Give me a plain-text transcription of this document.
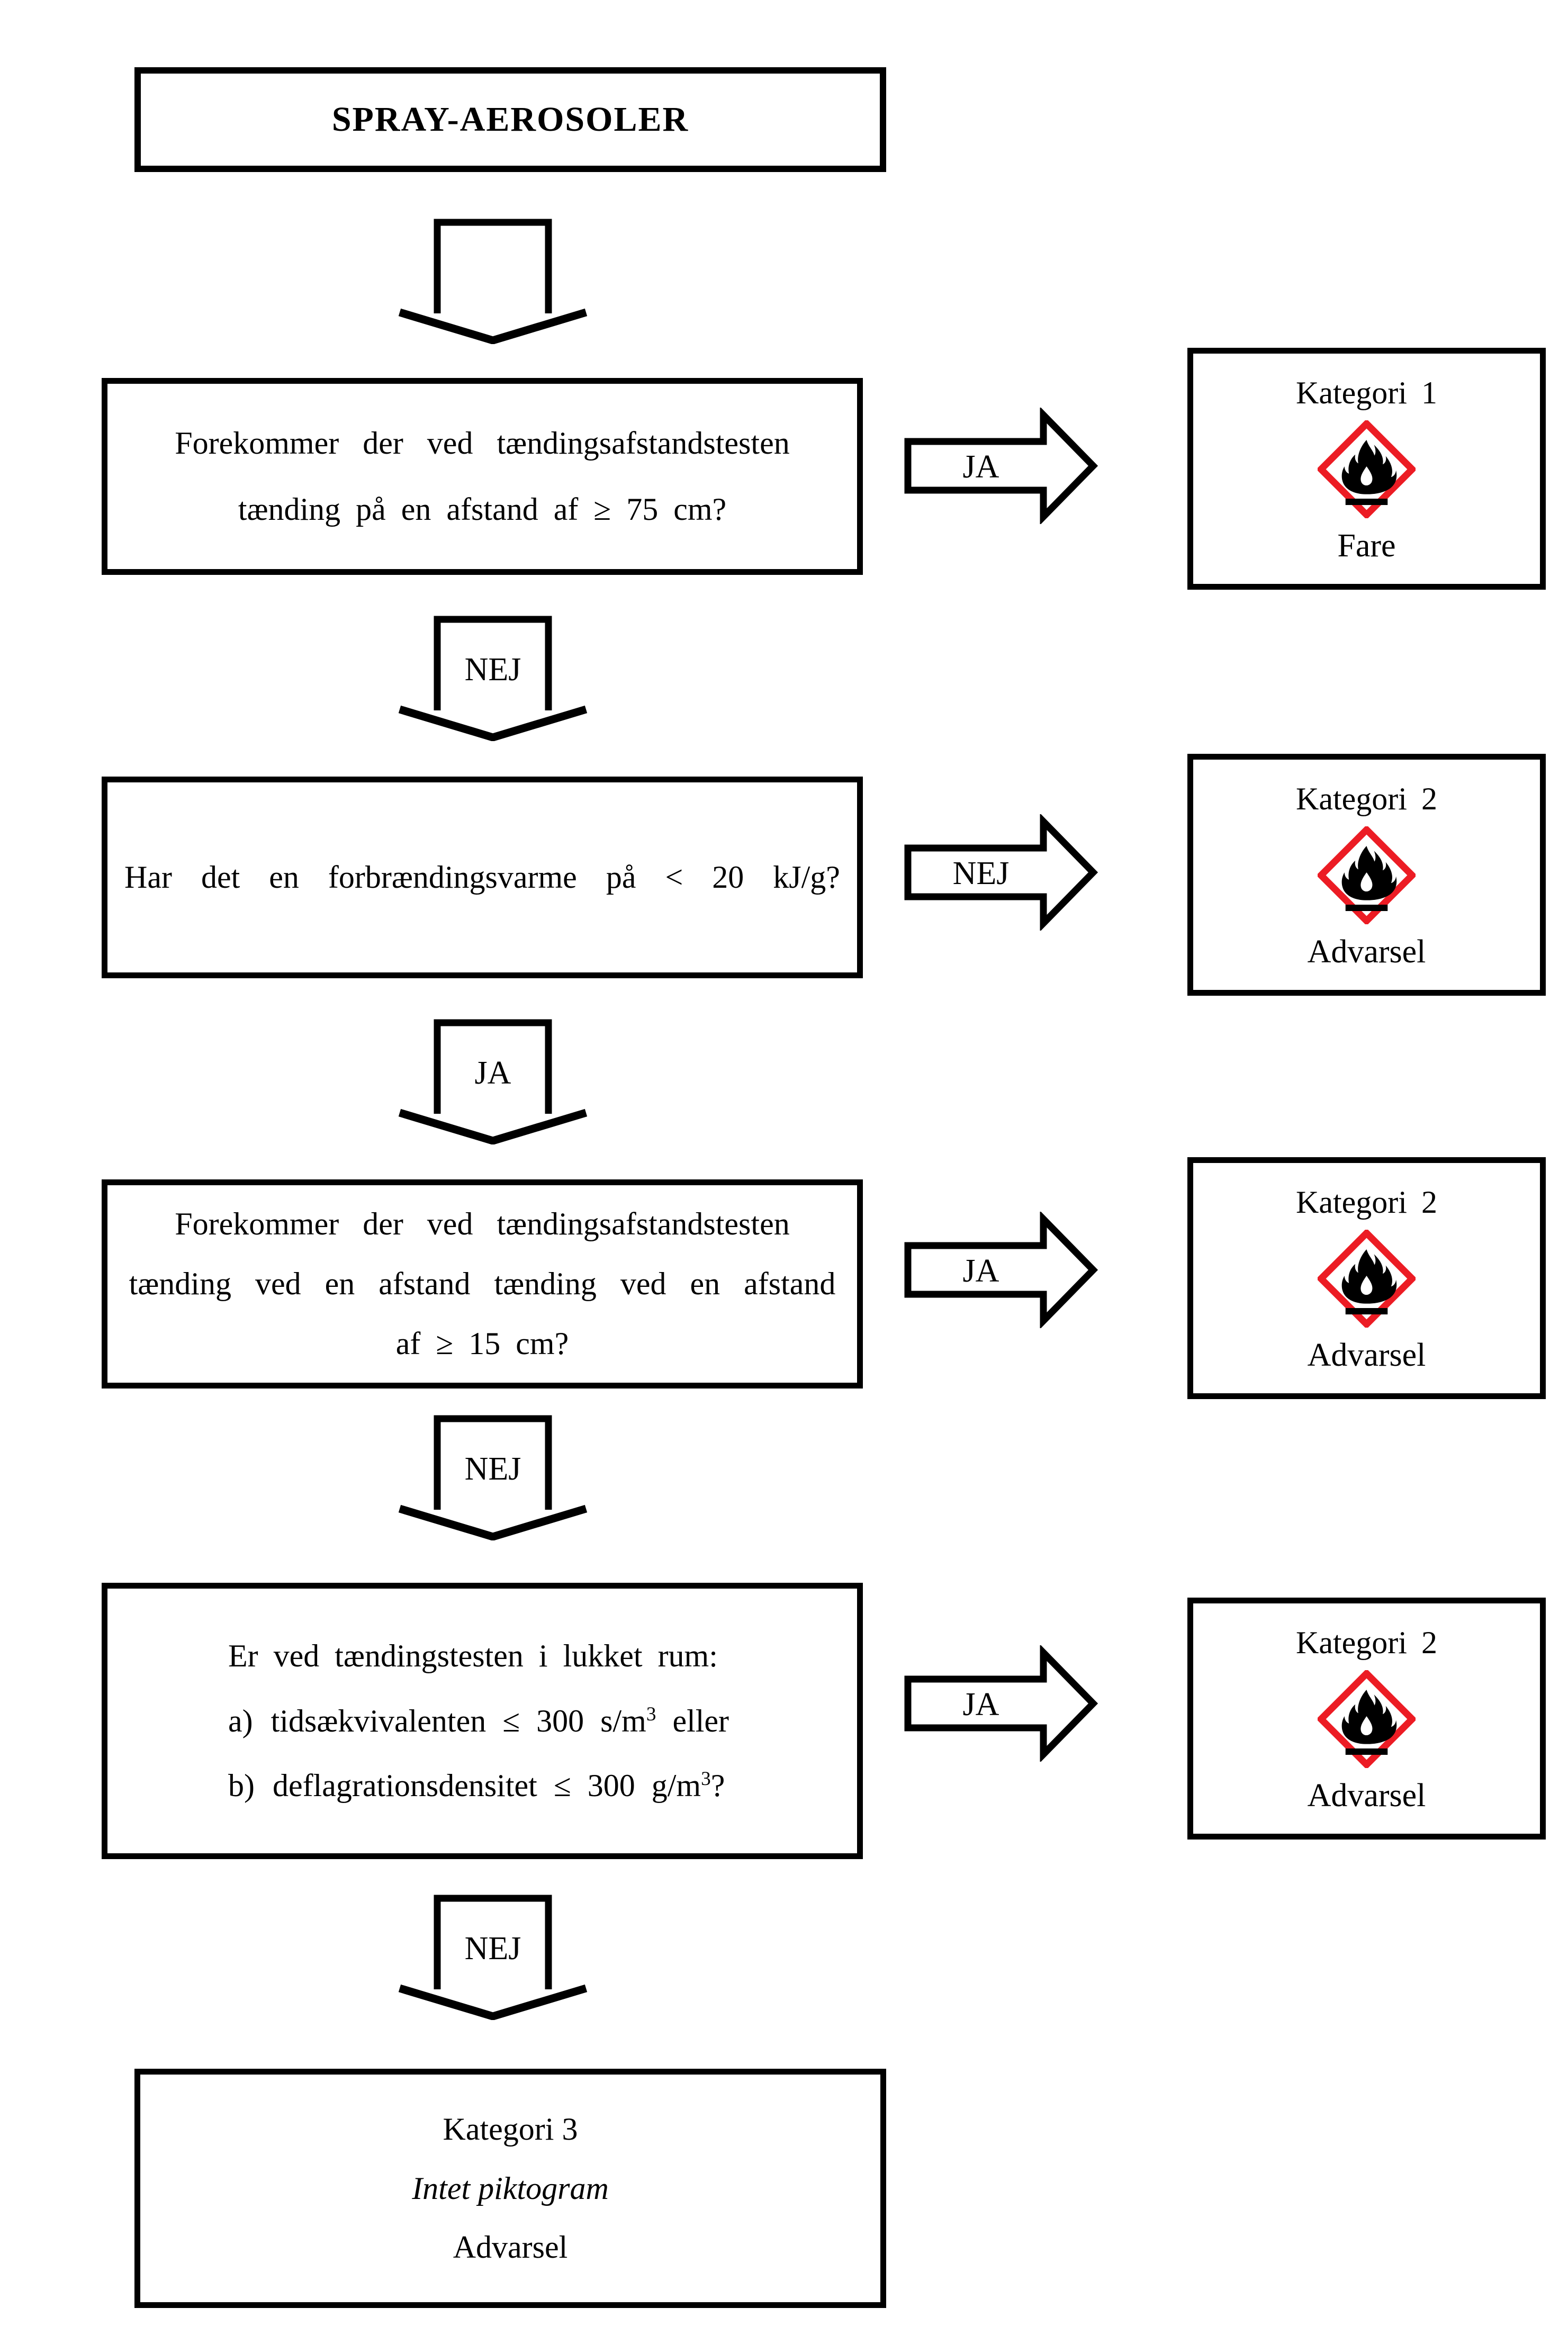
SPRAY-AEROSOLER
Forekommer der ved tændingsafstandstesten
tænding på en afstand af ≥ 75 cm?
JA
Kategori 1
Fare
NEJ
Har det en forbrændingsvarme på < 20 kJ/g?	NEJ
Kategori 2
Advarsel
JA
Forekommer der ved tændingsafstandstesten
tænding ved en afstand tænding ved en afstand
af ≥ 15 cm?
JA
Kategori 2
Advarsel
NEJ
Er ved tændingstesten i lukket rum:
a) tidsækvivalenten ≤ 300 $s/m^3$ eller
b) deflagrationsdensitet ≤ 300 $g/m^3$?
JA
Kategori 2
Advarsel
NEJ
Kategori 3
Intet piktogram
Advarsel
